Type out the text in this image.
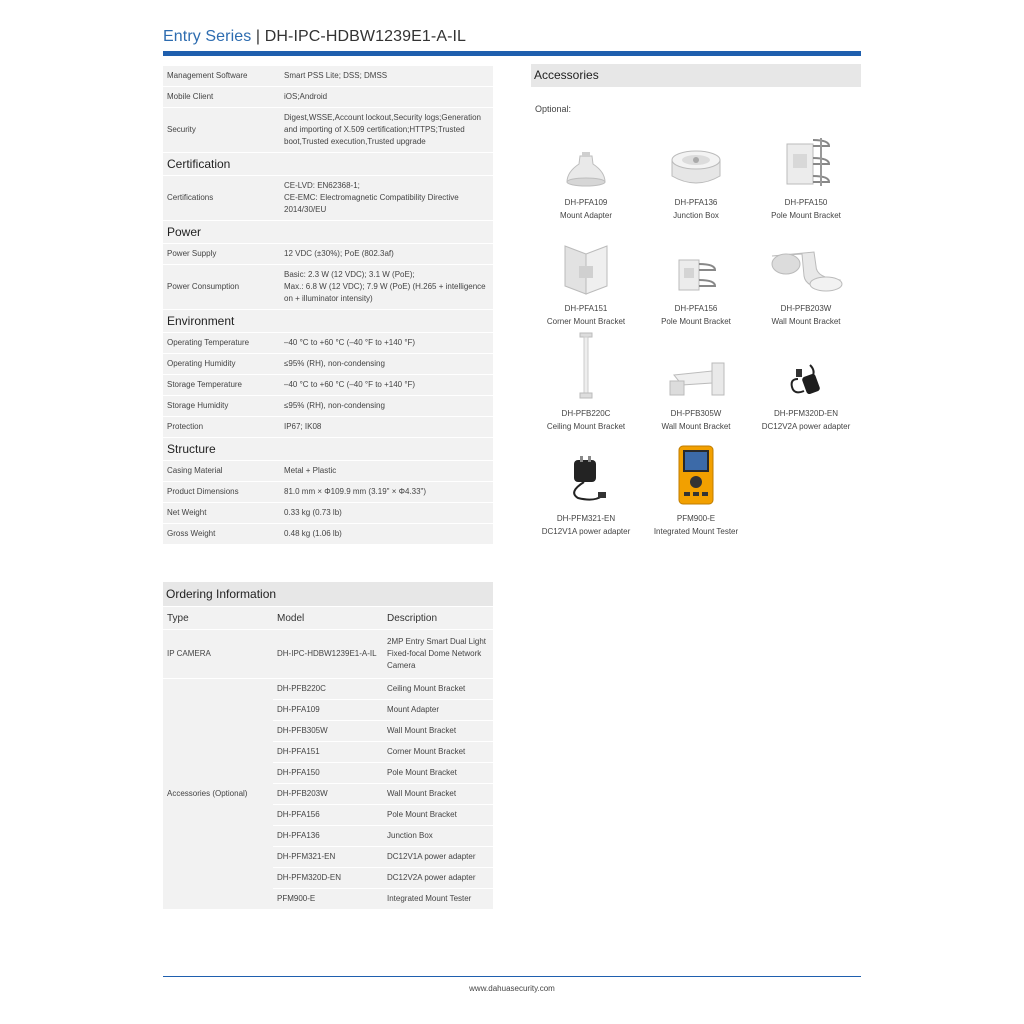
Entry Series | DH-IPC-HDBW1239E1-A-IL
Management Software	Smart PSS Lite; DSS; DMSS
Mobile Client	iOS;Android
Security	Digest,WSSE,Account lockout,Security logs;Generation and importing of X.509 certification;HTTPS;Trusted boot,Trusted execution,Trusted upgrade
Certification	
Certifications	CE-LVD: EN62368-1;
CE-EMC: Electromagnetic Compatibility Directive 2014/30/EU
Power	
Power Supply	12 VDC (±30%); PoE (802.3af)
Power Consumption	Basic: 2.3 W (12 VDC); 3.1 W (PoE);
Max.: 6.8 W (12 VDC); 7.9 W (PoE) (H.265 + intelligence on + illuminator intensity)
Environment	
Operating Temperature	–40 °C to +60 °C (–40 °F to +140 °F)
Operating Humidity	≤95% (RH), non-condensing
Storage Temperature	–40 °C to +60 °C (–40 °F to +140 °F)
Storage Humidity	≤95% (RH), non-condensing
Protection	IP67; IK08
Structure	
Casing Material	Metal + Plastic
Product Dimensions	81.0 mm × Φ109.9 mm (3.19" × Φ4.33")
Net Weight	0.33 kg (0.73 lb)
Gross Weight	0.48 kg (1.06 lb)
Ordering Information
Type	Model	Description
IP CAMERA	DH-IPC-HDBW1239E1-A-IL	2MP Entry Smart Dual Light Fixed-focal Dome Network Camera
Accessories (Optional)	DH-PFB220C	Ceiling Mount Bracket
	DH-PFA109	Mount Adapter
	DH-PFB305W	Wall Mount Bracket
	DH-PFA151	Corner Mount Bracket
	DH-PFA150	Pole Mount Bracket
	DH-PFB203W	Wall Mount Bracket
	DH-PFA156	Pole Mount Bracket
	DH-PFA136	Junction Box
	DH-PFM321-EN	DC12V1A power adapter
	DH-PFM320D-EN	DC12V2A power adapter
	PFM900-E	Integrated Mount Tester
Accessories
Optional:
DH-PFA109
Mount Adapter
DH-PFA136
Junction Box
DH-PFA150
Pole Mount Bracket
DH-PFA151
Corner Mount Bracket
DH-PFA156
Pole Mount Bracket
DH-PFB203W
Wall Mount Bracket
DH-PFB220C
Ceiling Mount Bracket
DH-PFB305W
Wall Mount Bracket
DH-PFM320D-EN
DC12V2A power adapter
DH-PFM321-EN
DC12V1A power adapter
PFM900-E
Integrated Mount Tester
www.dahuasecurity.com
